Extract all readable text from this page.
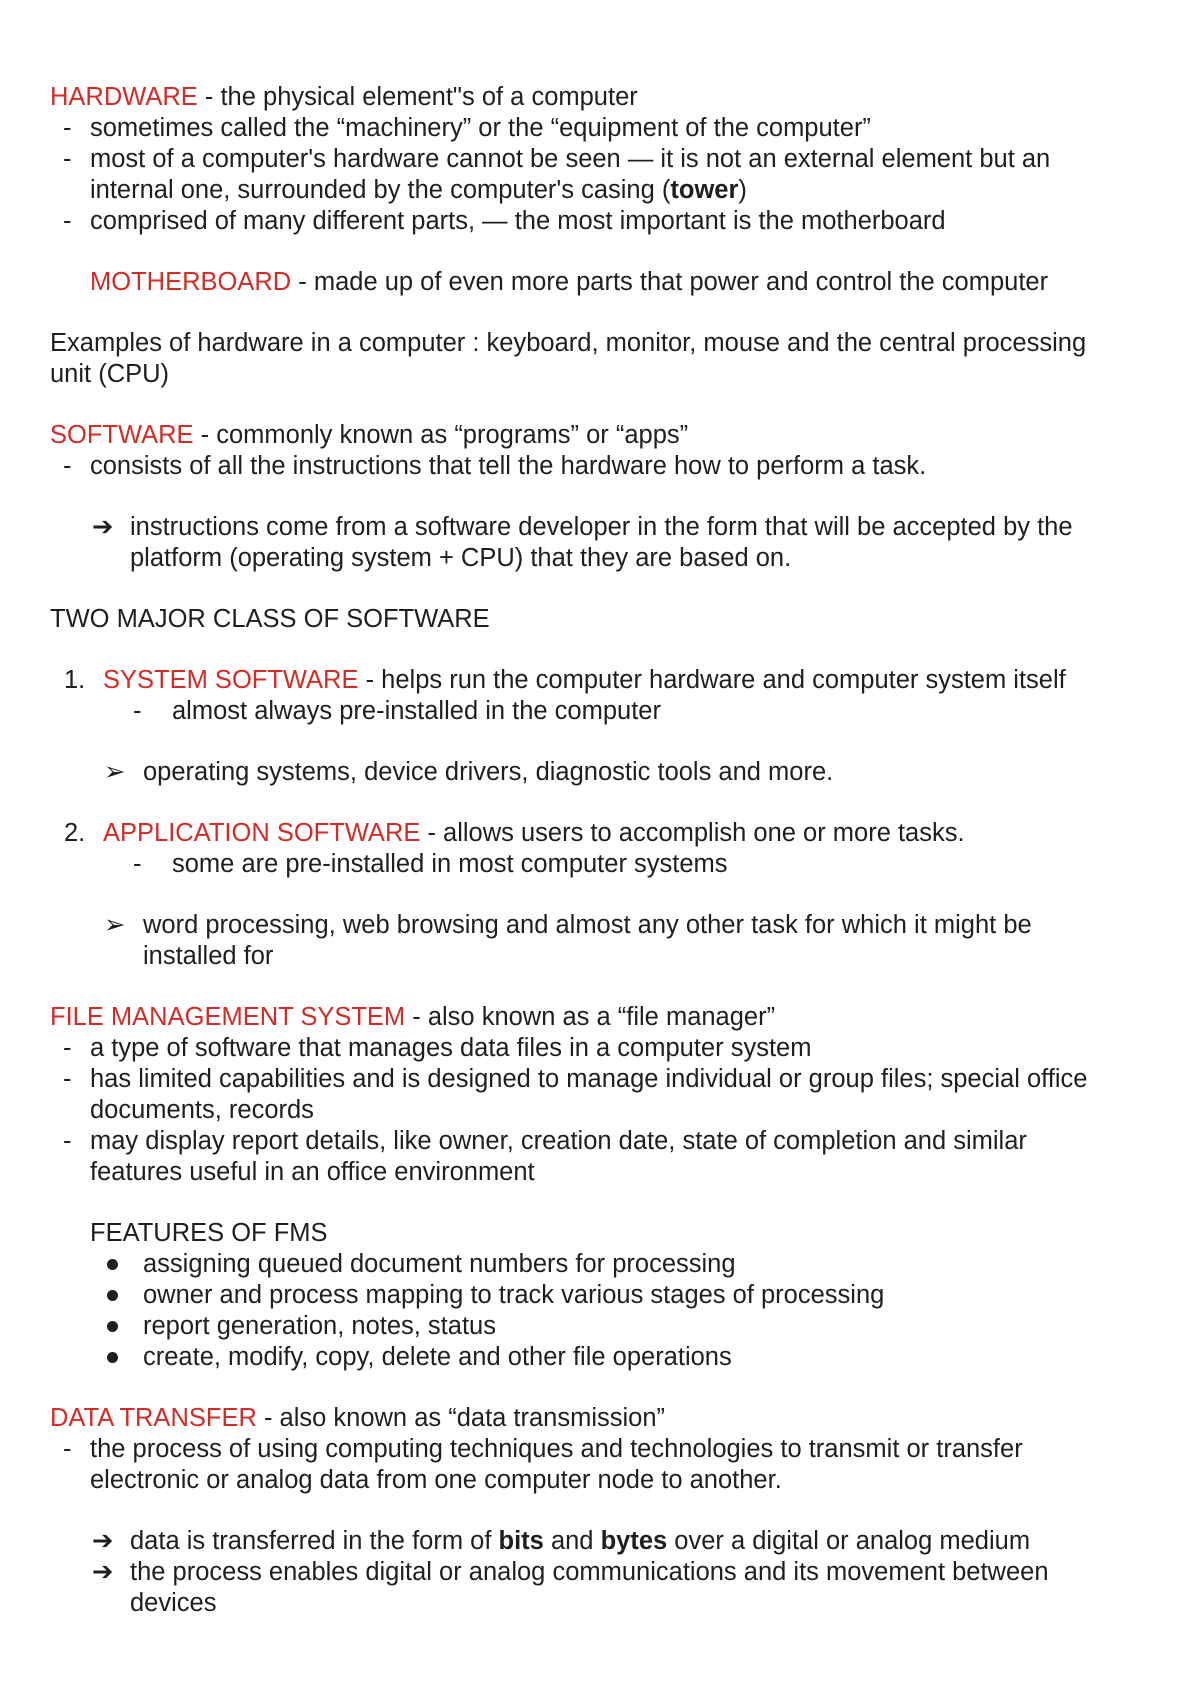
HARDWARE - the physical element"s of a computer
- sometimes called the “machinery” or the “equipment of the computer”
- most of a computer's hardware cannot be seen — it is not an external element but an
internal one, surrounded by the computer's casing (tower)
- comprised of many different parts, — the most important is the motherboard
MOTHERBOARD - made up of even more parts that power and control the computer
Examples of hardware in a computer : keyboard, monitor, mouse and the central processing
unit (CPU)
SOFTWARE - commonly known as “programs” or “apps”
- consists of all the instructions that tell the hardware how to perform a task.
➔ instructions come from a software developer in the form that will be accepted by the
platform (operating system + CPU) that they are based on.
TWO MAJOR CLASS OF SOFTWARE
1. SYSTEM SOFTWARE - helps run the computer hardware and computer system itself
- almost always pre-installed in the computer
➢ operating systems, device drivers, diagnostic tools and more.
2. APPLICATION SOFTWARE - allows users to accomplish one or more tasks.
- some are pre-installed in most computer systems
➢ word processing, web browsing and almost any other task for which it might be
installed for
FILE MANAGEMENT SYSTEM - also known as a “file manager”
- a type of software that manages data files in a computer system
- has limited capabilities and is designed to manage individual or group files; special office
documents, records
- may display report details, like owner, creation date, state of completion and similar
features useful in an office environment
FEATURES OF FMS
assigning queued document numbers for processing
owner and process mapping to track various stages of processing
report generation, notes, status
create, modify, copy, delete and other file operations
DATA TRANSFER - also known as “data transmission”
- the process of using computing techniques and technologies to transmit or transfer
electronic or analog data from one computer node to another.
➔ data is transferred in the form of bits and bytes over a digital or analog medium
➔ the process enables digital or analog communications and its movement between
devices
